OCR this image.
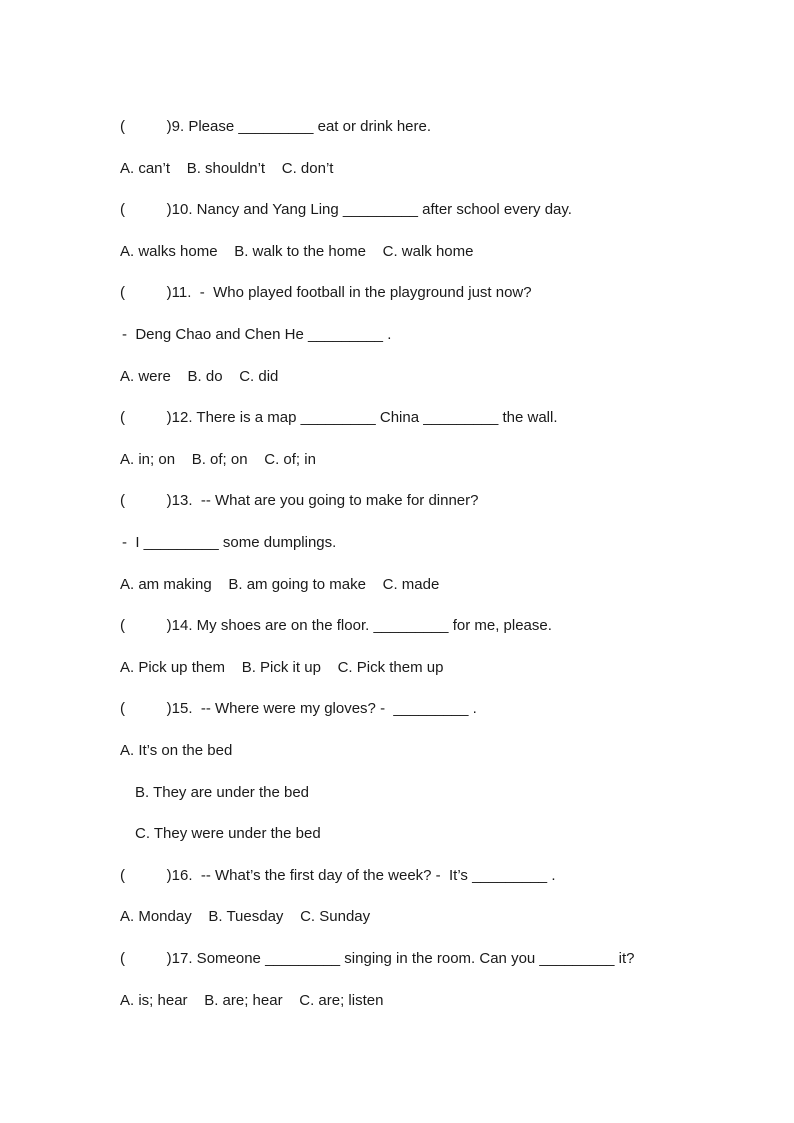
(          )9. Please _________ eat or drink here.
A. can’t    B. shouldn’t    C. don’t
(          )10. Nancy and Yang Ling _________ after school every day.
A. walks home    B. walk to the home    C. walk home
(          )11.  -  Who played football in the playground just now?
-  Deng Chao and Chen He _________ .
A. were    B. do    C. did
(          )12. There is a map _________ China _________ the wall.
A. in; on    B. of; on    C. of; in
(          )13.  -- What are you going to make for dinner?
-  I _________ some dumplings.
A. am making    B. am going to make    C. made
(          )14. My shoes are on the floor. _________ for me, please.
A. Pick up them    B. Pick it up    C. Pick them up
(          )15.  -- Where were my gloves? -  _________ .
A. It’s on the bed
B. They are under the bed
C. They were under the bed
(          )16.  -- What’s the first day of the week? -  It’s _________ .
A. Monday    B. Tuesday    C. Sunday
(          )17. Someone _________ singing in the room. Can you _________ it?
A. is; hear    B. are; hear    C. are; listen
